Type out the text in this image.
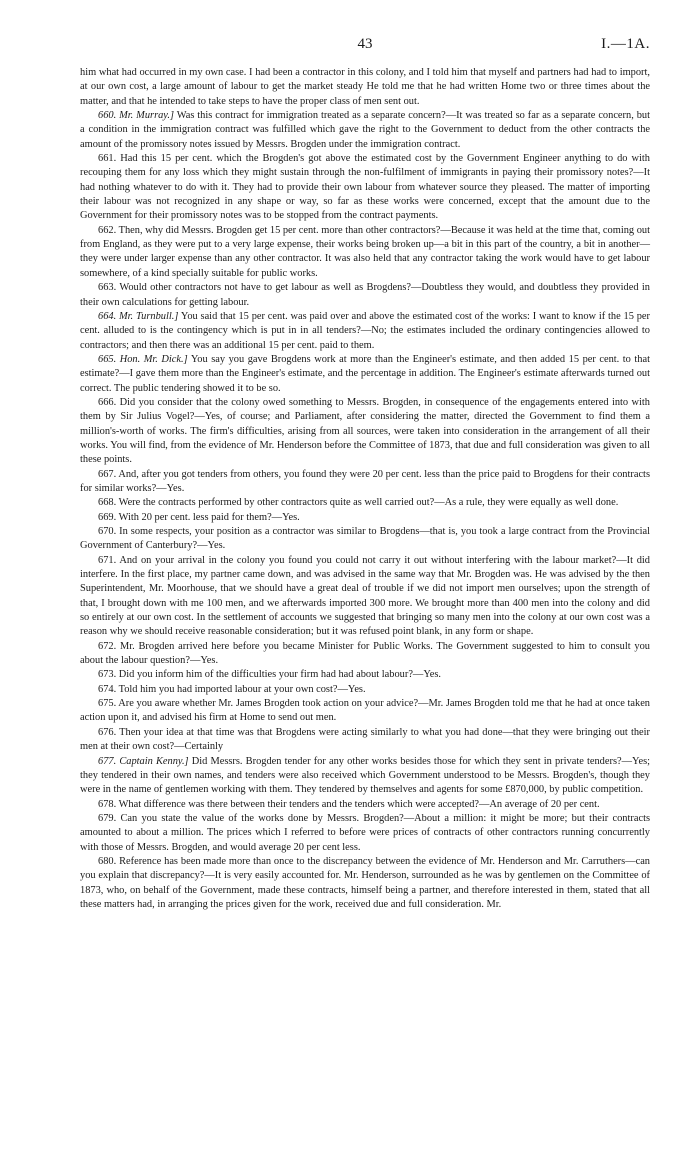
43	I.—1A.

him what had occurred in my own case. I had been a contractor in this colony, and I told him that myself and partners had had to import, at our own cost, a large amount of labour to get the market steady He told me that he had written Home two or three times about the matter, and that he intended to take steps to have the proper class of men sent out.

660. Mr. Murray.] Was this contract for immigration treated as a separate concern?—It was treated so far as a separate concern, but a condition in the immigration contract was fulfilled which gave the right to the Government to deduct from the other contracts the amount of the promissory notes issued by Messrs. Brogden under the immigration contract.

661. Had this 15 per cent. which the Brogden's got above the estimated cost by the Government Engineer anything to do with recouping them for any loss which they might sustain through the non-fulfilment of immigrants in paying their promissory notes?—It had nothing whatever to do with it. They had to provide their own labour from whatever source they pleased. The matter of importing their labour was not recognized in any shape or way, so far as these works were concerned, except that the amount due to the Government for their promissory notes was to be stopped from the contract payments.

662. Then, why did Messrs. Brogden get 15 per cent. more than other contractors?—Because it was held at the time that, coming out from England, as they were put to a very large expense, their works being broken up—a bit in this part of the country, a bit in another—they were under larger expense than any other contractor. It was also held that any contractor taking the work would have to get labour somewhere, of a kind specially suitable for public works.

663. Would other contractors not have to get labour as well as Brogdens?—Doubtless they would, and doubtless they provided in their own calculations for getting labour.

664. Mr. Turnbull.] You said that 15 per cent. was paid over and above the estimated cost of the works: I want to know if the 15 per cent. alluded to is the contingency which is put in in all tenders?—No; the estimates included the ordinary contingencies allowed to contractors; and then there was an additional 15 per cent. paid to them.

665. Hon. Mr. Dick.] You say you gave Brogdens work at more than the Engineer's estimate, and then added 15 per cent. to that estimate?—I gave them more than the Engineer's estimate, and the percentage in addition. The Engineer's estimate afterwards turned out correct. The public tendering showed it to be so.

666. Did you consider that the colony owed something to Messrs. Brogden, in consequence of the engagements entered into with them by Sir Julius Vogel?—Yes, of course; and Parliament, after considering the matter, directed the Government to find them a million's-worth of works. The firm's difficulties, arising from all sources, were taken into consideration in the arrangement of all their works. You will find, from the evidence of Mr. Henderson before the Committee of 1873, that due and full consideration was given to all these points.

667. And, after you got tenders from others, you found they were 20 per cent. less than the price paid to Brogdens for their contracts for similar works?—Yes.

668. Were the contracts performed by other contractors quite as well carried out?—As a rule, they were equally as well done.

669. With 20 per cent. less paid for them?—Yes.

670. In some respects, your position as a contractor was similar to Brogdens—that is, you took a large contract from the Provincial Government of Canterbury?—Yes.

671. And on your arrival in the colony you found you could not carry it out without interfering with the labour market?—It did interfere. In the first place, my partner came down, and was advised in the same way that Mr. Brogden was. He was advised by the then Superintendent, Mr. Moorhouse, that we should have a great deal of trouble if we did not import men ourselves; upon the strength of that, I brought down with me 100 men, and we afterwards imported 300 more. We brought more than 400 men into the colony and did so entirely at our own cost. In the settlement of accounts we suggested that bringing so many men into the colony at our own cost was a reason why we should receive reasonable consideration; but it was refused point blank, in any form or shape.

672. Mr. Brogden arrived here before you became Minister for Public Works. The Government suggested to him to consult you about the labour question?—Yes.

673. Did you inform him of the difficulties your firm had had about labour?—Yes.

674. Told him you had imported labour at your own cost?—Yes.

675. Are you aware whether Mr. James Brogden took action on your advice?—Mr. James Brogden told me that he had at once taken action upon it, and advised his firm at Home to send out men.

676. Then your idea at that time was that Brogdens were acting similarly to what you had done—that they were bringing out their men at their own cost?—Certainly

677. Captain Kenny.] Did Messrs. Brogden tender for any other works besides those for which they sent in private tenders?—Yes; they tendered in their own names, and tenders were also received which Government understood to be Messrs. Brogden's, though they were in the name of gentlemen working with them. They tendered by themselves and agents for some £870,000, by public competition.

678. What difference was there between their tenders and the tenders which were accepted?—An average of 20 per cent.

679. Can you state the value of the works done by Messrs. Brogden?—About a million: it might be more; but their contracts amounted to about a million. The prices which I referred to before were prices of contracts of other contractors running concurrently with those of Messrs. Brogden, and would average 20 per cent less.

680. Reference has been made more than once to the discrepancy between the evidence of Mr. Henderson and Mr. Carruthers—can you explain that discrepancy?—It is very easily accounted for. Mr. Henderson, surrounded as he was by gentlemen on the Committee of 1873, who, on behalf of the Government, made these contracts, himself being a partner, and therefore interested in them, stated that all these matters had, in arranging the prices given for the work, received due and full consideration. Mr.
